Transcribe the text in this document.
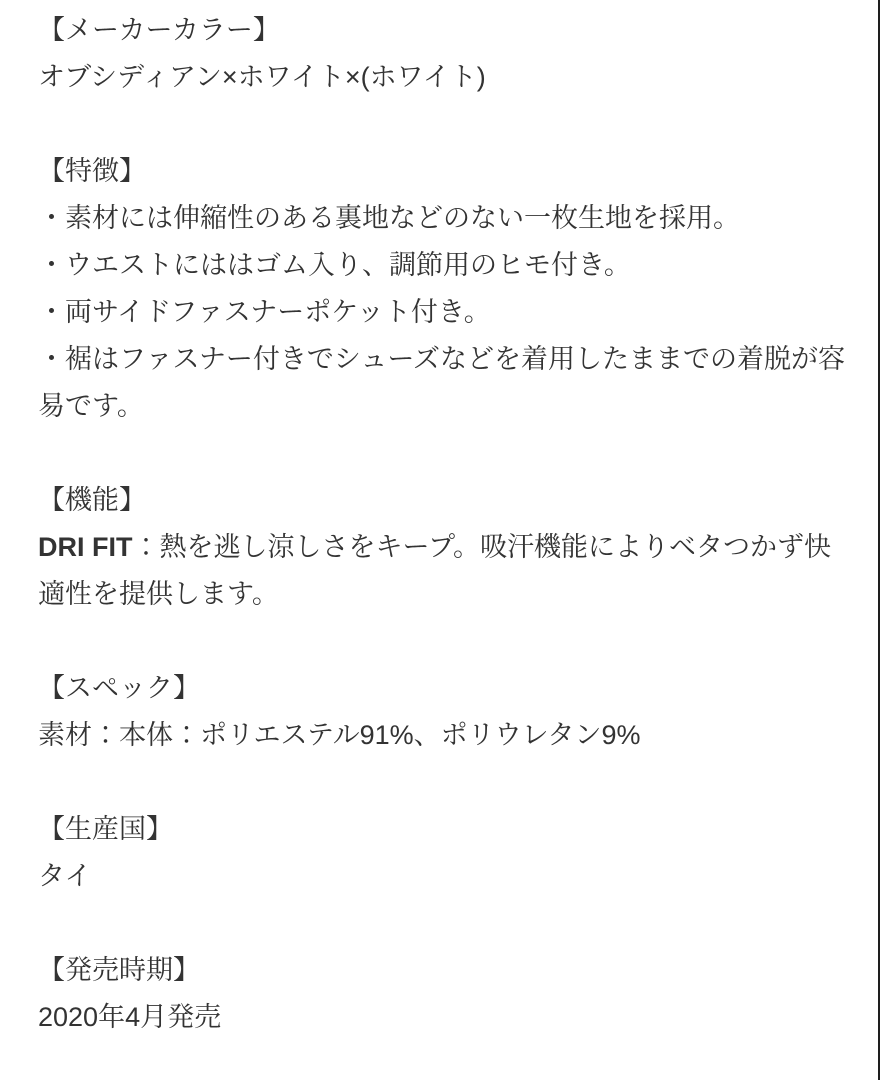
【メーカーカラー】

オブシディアン×ホワイト×(ホワイト)

【特徴】

・素材には伸縮性のある裏地などのない一枚生地を採用。

・ウエストにははゴム入り、調節用のヒモ付き。

・両サイドファスナーポケット付き。

・裾はファスナー付きでシューズなどを着用したままでの着脱が容易です。

【機能】

DRI FIT：熱を逃し涼しさをキープ。吸汗機能によりベタつかず快適性を提供します。

【スペック】

素材：本体：ポリエステル91%、ポリウレタン9%

【生産国】

タイ

【発売時期】

2020年4月発売
